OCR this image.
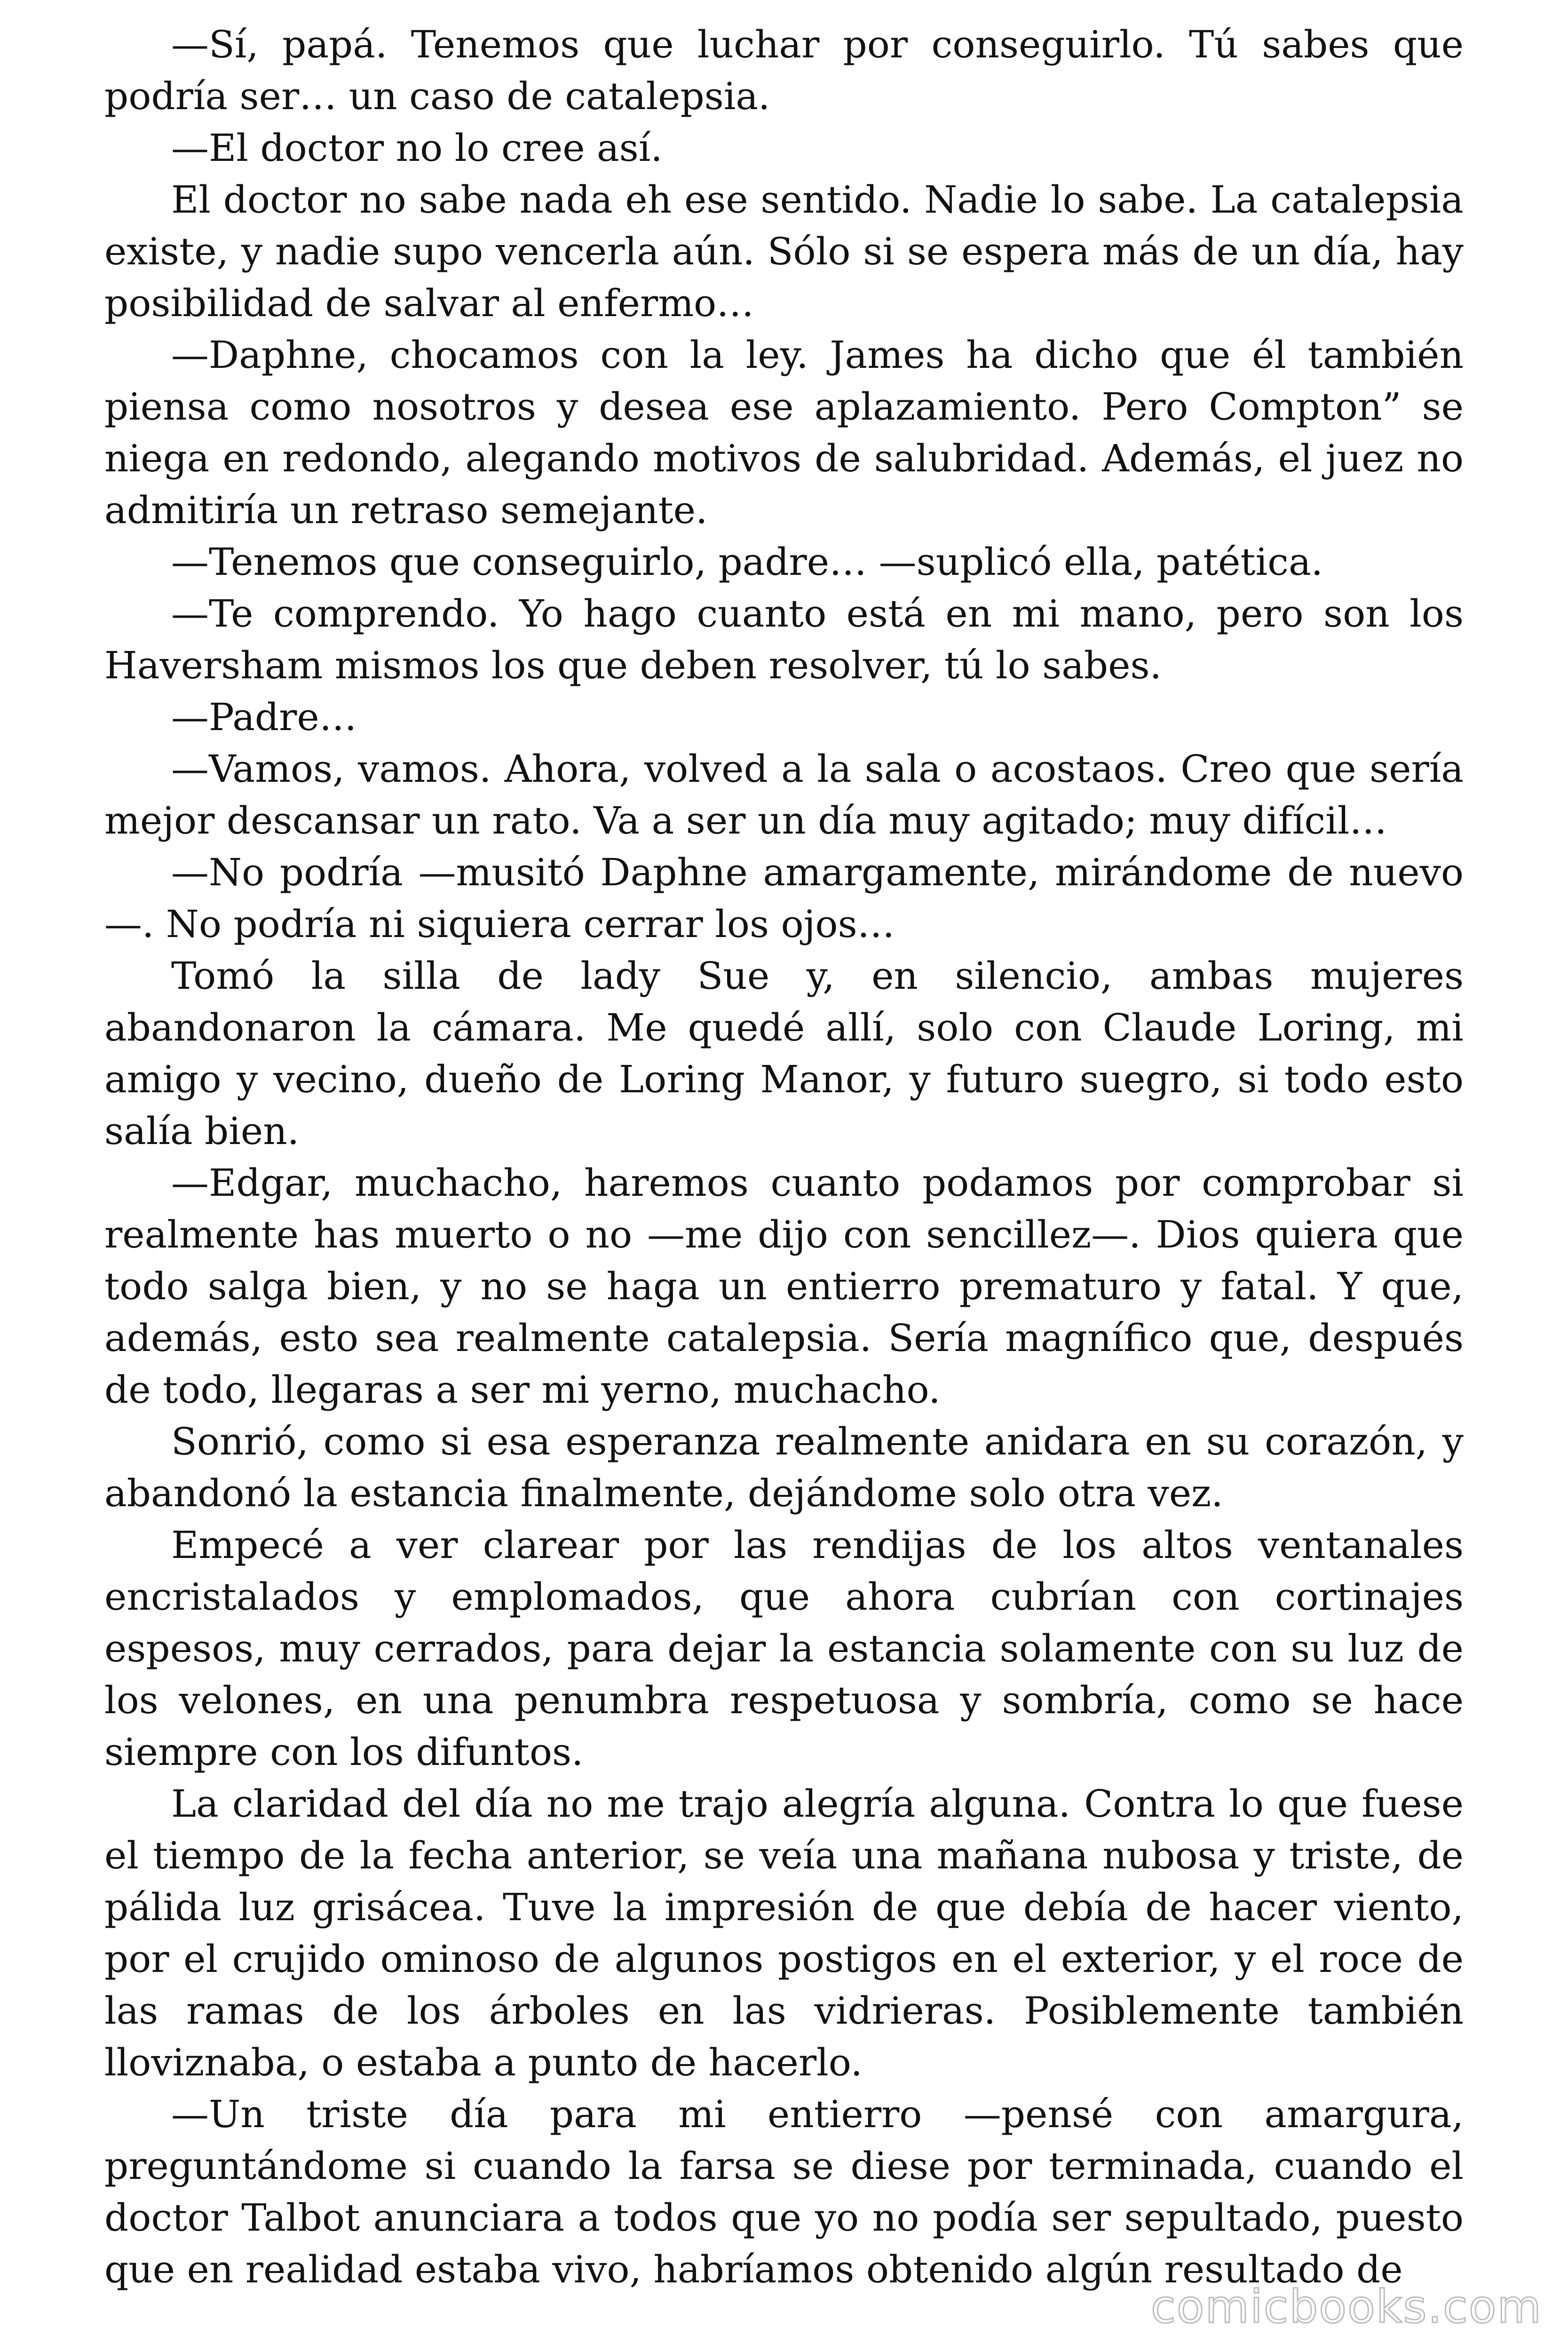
—Sí, papá. Tenemos que luchar por conseguirlo. Tú sabes que podría ser… un caso de catalepsia.

—El doctor no lo cree así.

El doctor no sabe nada eh ese sentido. Nadie lo sabe. La catalepsia existe, y nadie supo vencerla aún. Sólo si se espera más de un día, hay posibilidad de salvar al enfermo…

—Daphne, chocamos con la ley. James ha dicho que él también piensa como nosotros y desea ese aplazamiento. Pero Compton” se niega en redondo, alegando motivos de salubridad. Además, el juez no admitiría un retraso semejante.

—Tenemos que conseguirlo, padre… —suplicó ella, patética.

—Te comprendo. Yo hago cuanto está en mi mano, pero son los Haversham mismos los que deben resolver, tú lo sabes.

—Padre…

—Vamos, vamos. Ahora, volved a la sala o acostaos. Creo que sería mejor descansar un rato. Va a ser un día muy agitado; muy difícil…

—No podría —musitó Daphne amargamente, mirándome de nuevo —. No podría ni siquiera cerrar los ojos…

Tomó la silla de lady Sue y, en silencio, ambas mujeres abandonaron la cámara. Me quedé allí, solo con Claude Loring, mi amigo y vecino, dueño de Loring Manor, y futuro suegro, si todo esto salía bien.

—Edgar, muchacho, haremos cuanto podamos por comprobar si realmente has muerto o no —me dijo con sencillez—. Dios quiera que todo salga bien, y no se haga un entierro prematuro y fatal. Y que, además, esto sea realmente catalepsia. Sería magnífico que, después de todo, llegaras a ser mi yerno, muchacho.

Sonrió, como si esa esperanza realmente anidara en su corazón, y abandonó la estancia finalmente, dejándome solo otra vez.

Empecé a ver clarear por las rendijas de los altos ventanales encristalados y emplomados, que ahora cubrían con cortinajes espesos, muy cerrados, para dejar la estancia solamente con su luz de los velones, en una penumbra respetuosa y sombría, como se hace siempre con los difuntos.

La claridad del día no me trajo alegría alguna. Contra lo que fuese el tiempo de la fecha anterior, se veía una mañana nubosa y triste, de pálida luz grisácea. Tuve la impresión de que debía de hacer viento, por el crujido ominoso de algunos postigos en el exterior, y el roce de las ramas de los árboles en las vidrieras. Posiblemente también lloviznaba, o estaba a punto de hacerlo.

—Un triste día para mi entierro —pensé con amargura, preguntándome si cuando la farsa se diese por terminada, cuando el doctor Talbot anunciara a todos que yo no podía ser sepultado, puesto que en realidad estaba vivo, habríamos obtenido algún resultado de

comicbooks.com
